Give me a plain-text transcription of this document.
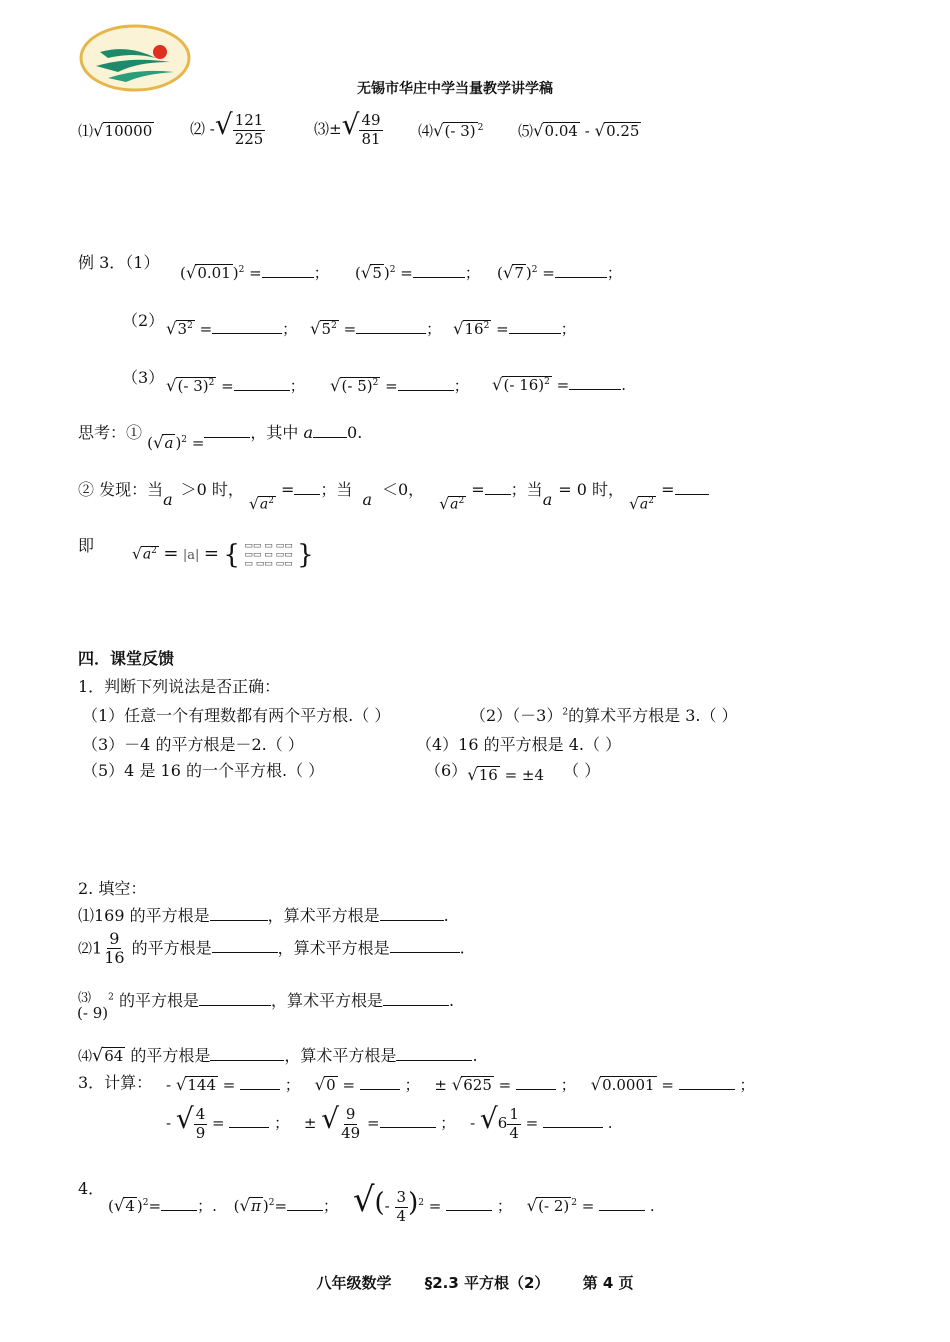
无锡市华庄中学当量教学讲学稿
⑴√10000	⑵ -√ $\frac{121}{225}$	⑶±√ $\frac{49}{81}$ ⑷√(- 3) $^2$ ⑸√0.04 - √0.25
例 3．（1）
(√0.01 )$^2$ =	； (√5 )$^2$ =	； (√7 )$^2$ =	；
（2） $√3^2$ =	； $√5^2$ =	； $√16^2$ =	；
（3） √(- 3)$^2$ =	； √(- 5)$^2$ =	； √(- 16)$^2$ =	.
思考：① (√a )$^2$ =，其中 a 0.
② 发现：当a＞0 时， $√a^2$ = ；当a＜0， $√a^2$ = ；当a= 0 时， $√a^2$ =
即 $√a^2 = |a|$ = { ▭▭ ▭ ▭▭
▭▭ ▭ ▭▭
▭ ▭▭ ▭▭ }
四．课堂反馈
1．判断下列说法是否正确：
（1）任意一个有理数都有两个平方根.（ ）	$(2)(-3)^2$的算术平方根是 3.（ ）
（3）－4 的平方根是－2.（ ）	（4）16 的平方根是 4.（ ）
（5）4 是 16 的一个平方根.（ ）	（6）√16 = ±4 （ ）
2. 填空：
⑴169 的平方根是	，算术平方根是	.
⑵1 $\frac{9}{16}$ 的平方根是	，算术平方根是	.
⑶(- 9)$^2$ 的平方根是	，算术平方根是	.
⑷√64 的平方根是	，算术平方根是	.
3．计算： - √144 =	； √0 =	； ± √625 =	； √0.0001 =	；
- √ $\frac{4}{9}$ =	； ± √ $\frac{9}{49}$ =	； - $√6 \frac{1}{4}$ =	.
4．
(√4 )$^2$= ；. (√π )$^2$= ； √(- $\frac{3}{4} )^2$ =	； √(- 2) $^2$ =	.
八年级数学 §2.3 平方根（2） 第 4 页
